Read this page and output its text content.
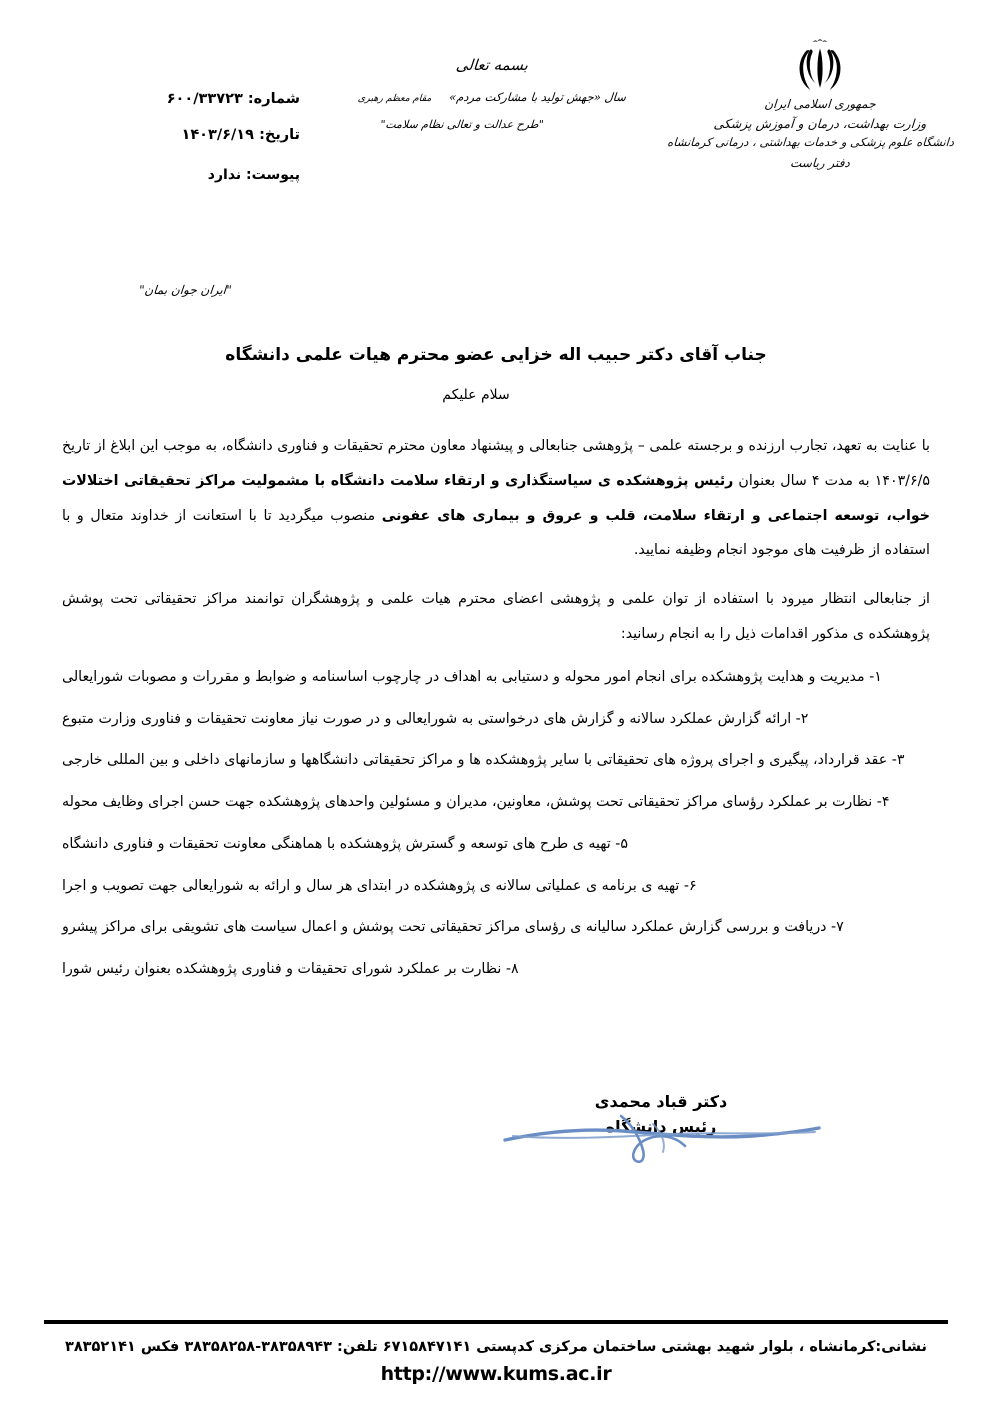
جمهوری اسلامی ایران
وزارت بهداشت، درمان و آموزش پزشکی
دانشگاه علوم پزشکی و خدمات بهداشتی ، درمانی کرمانشاه
دفتر ریاست
بسمه تعالی
سال «جهش تولید با مشارکت مردم» مقام معظم رهبری
"طرح عدالت و تعالی نظام سلامت"
شماره: ۶۰۰/۳۳۷۲۳
تاریخ: ۱۴۰۳/۶/۱۹
پیوست: ندارد
"ایران جوان بمان"
جناب آقای دکتر حبیب اله خزایی عضو محترم هیات علمی دانشگاه
سلام علیکم

با عنایت به تعهد، تجارب ارزنده و برجسته علمی – پژوهشی جنابعالی و پیشنهاد معاون محترم تحقیقات و فناوری دانشگاه، به موجب این ابلاغ از تاریخ ۱۴۰۳/۶/۵ به مدت ۴ سال بعنوان رئیس پژوهشکده ی سیاستگذاری و ارتقاء سلامت دانشگاه با مشمولیت مراکز تحقیقاتی اختلالات خواب، توسعه اجتماعی و ارتقاء سلامت، قلب و عروق و بیماری های عفونی منصوب میگردید تا با استعانت از خداوند متعال و با استفاده از ظرفیت های موجود انجام وظیفه نمایید.

از جنابعالی انتظار میرود با استفاده از توان علمی و پژوهشی اعضای محترم هیات علمی و پژوهشگران توانمند مراکز تحقیقاتی تحت پوشش پژوهشکده ی مذکور اقدامات ذیل را به انجام رسانید:

۱- مدیریت و هدایت پژوهشکده برای انجام امور محوله و دستیابی به اهداف در چارچوب اساسنامه و ضوابط و مقررات و مصوبات شورایعالی
۲- ارائه گزارش عملکرد سالانه و گزارش های درخواستی به شورایعالی و در صورت نیاز معاونت تحقیقات و فناوری وزارت متبوع
۳- عقد قرارداد، پیگیری و اجرای پروژه های تحقیقاتی با سایر پژوهشکده ها و مراکز تحقیقاتی دانشگاهها و سازمانهای داخلی و بین المللی خارجی
۴- نظارت بر عملکرد رؤسای مراکز تحقیقاتی تحت پوشش، معاونین، مدیران و مسئولین واحدهای پژوهشکده جهت حسن اجرای وظایف محوله
۵- تهیه ی طرح های توسعه و گسترش پژوهشکده با هماهنگی معاونت تحقیقات و فناوری دانشگاه
۶- تهیه ی برنامه ی عملیاتی سالانه ی پژوهشکده در ابتدای هر سال و ارائه به شورایعالی جهت تصویب و اجرا
۷- دریافت و بررسی گزارش عملکرد سالیانه ی رؤسای مراکز تحقیقاتی تحت پوشش و اعمال سیاست های تشویقی برای مراکز پیشرو
۸- نظارت بر عملکرد شورای تحقیقات و فناوری پژوهشکده بعنوان رئیس شورا
دکتر قباد محمدی
رئیس دانشگاه
نشانی:کرمانشاه ، بلوار شهید بهشتی ساختمان مرکزی کدپستی ۶۷۱۵۸۴۷۱۴۱ تلفن: ۳۸۳۵۸۹۴۳-۳۸۳۵۸۲۵۸ فکس ۳۸۳۵۲۱۴۱
http://www.kums.ac.ir
